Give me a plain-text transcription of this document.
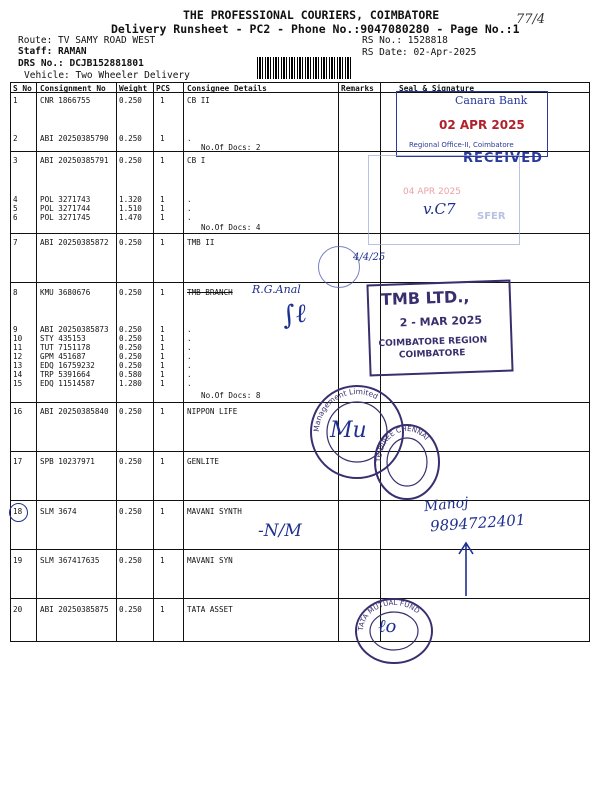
77/4
THE PROFESSIONAL COURIERS, COIMBATORE
Delivery Runsheet - PC2 - Phone No.:9047080280 - Page No.:1
Route: TV SAMY ROAD WEST
Staff: RAMAN
DRS No.: DCJB152881801
Vehicle: Two Wheeler Delivery
RS No.: 1528818
RS Date: 02-Apr-2025
S No Consignment No Weight PCS Consignee Details	Remarks	Seal & Signature
1	CNR 1866755	0.250 1	CB II
2	ABI 20250385790 0.250 1	.
No.Of Docs: 2
3	ABI 20250385791 0.250 1	CB I
4	POL 3271743	1.320 1	.
5	POL 3271744	1.510 1	.
6	POL 3271745	1.470 1	.
No.Of Docs: 4
7	ABI 20250385872 0.250 1	TMB II
8	KMU 3680676	0.250 1	TMB BRANCH
9	ABI 20250385873 0.250 1	.
10 STY 435153	0.250 1	.
11 TUT 7151178	0.250 1	.
12 GPM 451687	0.250 1	.
13 EDQ 16759232	0.250 1	.
14 TRP 5391664	0.580 1	.
15 EDQ 11514587	1.280 1	.
No.Of Docs: 8
16 ABI 20250385840 0.250 1	NIPPON LIFE
17 SPB 10237971	0.250 1	GENLITE
18 SLM 3674	0.250 1	MAVANI SYNTH
19 SLM 367417635	0.250 1	MAVANI SYN
20 ABI 20250385875 0.250 1	TATA ASSET
Canara Bank
02 APR 2025
Regional Office-II, Coimbatore
RECEIVED
04 APR 2025
SFER
v.C7
4/4/25
TMB LTD.,
2 - MAR 2025
COIMBATORE REGION
COIMBATORE
R.G.Anal
∫ℓ
Management Limited
Mu
TE DIREE CHENNAI
-N/M
Manoj
9894722401
TATA MUTUAL FUND
ℓo
